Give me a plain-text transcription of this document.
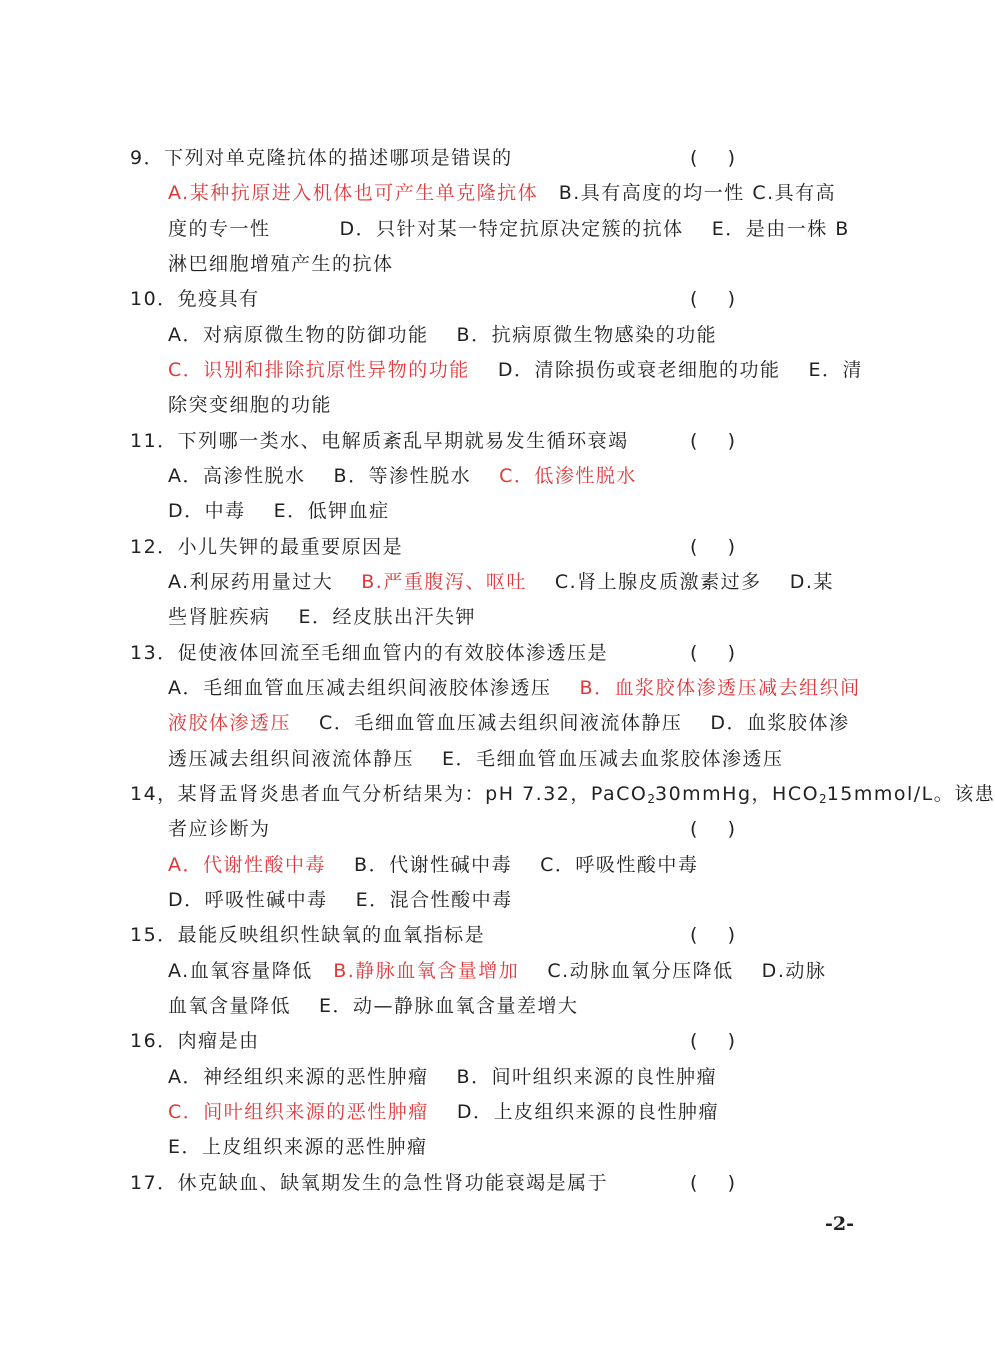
9．下列对单克隆抗体的描述哪项是错误的	(     )
A.某种抗原进入机体也可产生单克隆抗体　B.具有高度的均一性 C.具有高
度的专一性　　　 D．只针对某一特定抗原决定簇的抗体　 E．是由一株 B
淋巴细胞增殖产生的抗体
10．免疫具有	(     )
A．对病原微生物的防御功能　 B．抗病原微生物感染的功能
C．识别和排除抗原性异物的功能　 D．清除损伤或衰老细胞的功能　 E．清
除突变细胞的功能
11．下列哪一类水、电解质紊乱早期就易发生循环衰竭	(     )
A．高渗性脱水　 B．等渗性脱水　 C．低渗性脱水
D．中毒　 E．低钾血症
12．小儿失钾的最重要原因是	(     )
A.利尿药用量过大　 B.严重腹泻、呕吐　 C.肾上腺皮质激素过多　 D.某
些肾脏疾病　 E．经皮肤出汗失钾
13．促使液体回流至毛细血管内的有效胶体渗透压是	(     )
A．毛细血管血压减去组织间液胶体渗透压　 B．血浆胶体渗透压减去组织间
液胶体渗透压　 C．毛细血管血压减去组织间液流体静压　 D．血浆胶体渗
透压减去组织间液流体静压　 E．毛细血管血压减去血浆胶体渗透压
14，某肾盂肾炎患者血气分析结果为：pH 7.32，PaCO$_2$30mmHg，$HCO_215mmol/L$。该患
者应诊断为	(     )
A．代谢性酸中毒　 B．代谢性碱中毒　 C．呼吸性酸中毒
D．呼吸性碱中毒　 E．混合性酸中毒
15．最能反映组织性缺氧的血氧指标是	(     )
A.血氧容量降低　B.静脉血氧含量增加　 C.动脉血氧分压降低　 D.动脉
血氧含量降低　 E．动—静脉血氧含量差增大
16．肉瘤是由	(     )
A．神经组织来源的恶性肿瘤　 B．间叶组织来源的良性肿瘤
C．间叶组织来源的恶性肿瘤　 D．上皮组织来源的良性肿瘤
E．上皮组织来源的恶性肿瘤
17．休克缺血、缺氧期发生的急性肾功能衰竭是属于	(     )
-2-
